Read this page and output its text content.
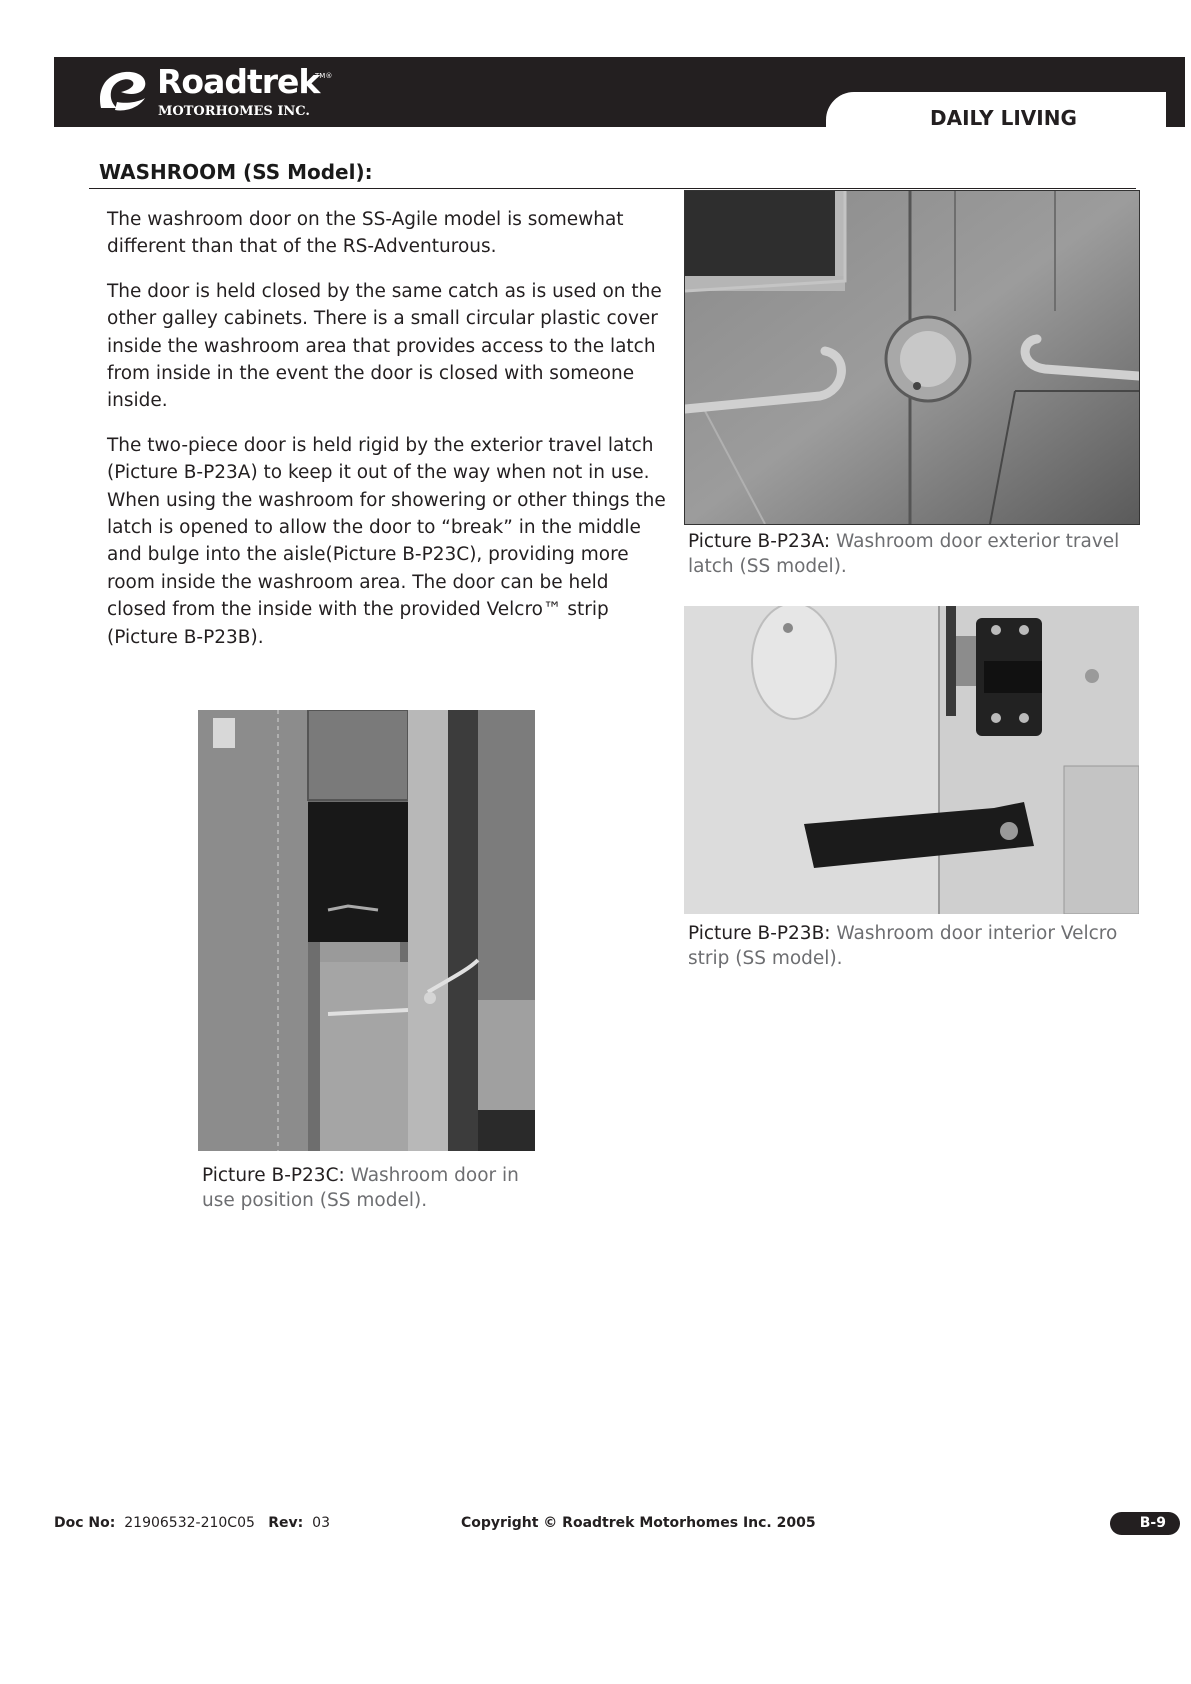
Roadtrek
TM®
MOTORHOMES INC.	DAILY LIVING
WASHROOM (SS Model):

The washroom door on the SS-Agile model is somewhat different than that of the RS-Adventurous.

The door is held closed by the same catch as is used on the other galley cabinets. There is a small circular plastic cover inside the washroom area that provides access to the latch from inside in the event the door is closed with someone inside.

The two-piece door is held rigid by the exterior travel latch (Picture B-P23A) to keep it out of the way when not in use. When using the washroom for showering or other things the latch is opened to allow the door to “break” in the middle and bulge into the aisle(Picture B-P23C), providing more room inside the washroom area. The door can be held closed from the inside with the provided Velcro™ strip (Picture B-P23B).

Picture B-P23A: Washroom door exterior travel latch (SS model).
Picture B-P23B: Washroom door interior Velcro strip (SS model).
Picture B-P23C: Washroom door in use position (SS model).
Doc No: 21906532-210C05 Rev: 03	Copyright © Roadtrek Motorhomes Inc. 2005	B-9
